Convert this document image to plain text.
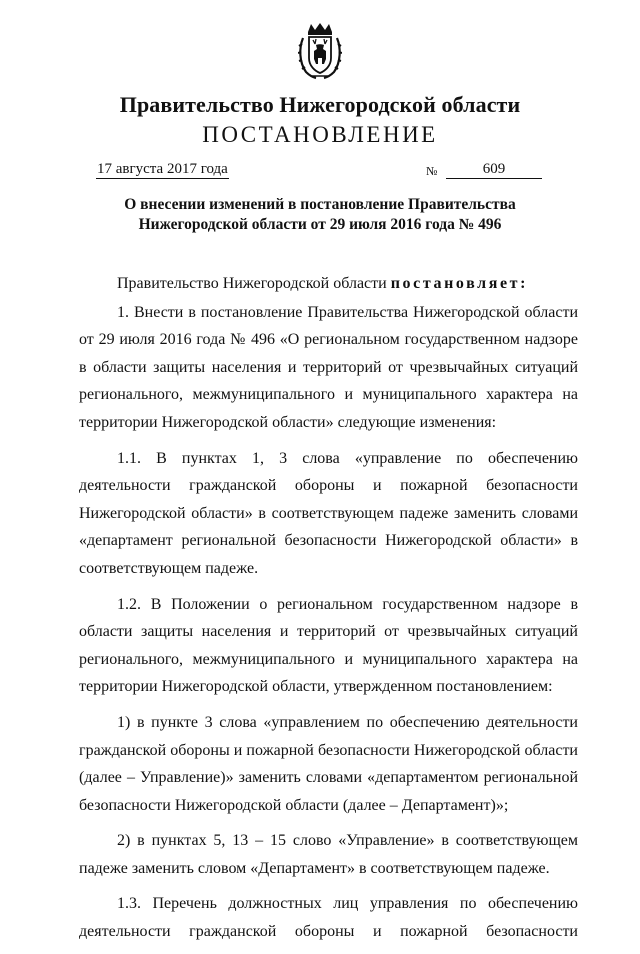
Правительство Нижегородской области
ПОСТАНОВЛЕНИЕ
17 августа 2017 года	№	609
О внесении изменений в постановление Правительства
Нижегородской области от 29 июля 2016 года № 496

Правительство Нижегородской области постановляет:

1. Внести в постановление Правительства Нижегородской области от 29 июля 2016 года № 496 «О региональном государственном надзоре в области защиты населения и территорий от чрезвычайных ситуаций регионального, межмуниципального и муниципального характера на территории Нижегородской области» следующие изменения:

1.1. В пунктах 1, 3 слова «управление по обеспечению деятельности гражданской обороны и пожарной безопасности Нижегородской области» в соответствующем падеже заменить словами «департамент региональной безопасности Нижегородской области» в соответствующем падеже.

1.2. В Положении о региональном государственном надзоре в области защиты населения и территорий от чрезвычайных ситуаций регионального, межмуниципального и муниципального характера на территории Нижегородской области, утвержденном постановлением:

1) в пункте 3 слова «управлением по обеспечению деятельности гражданской обороны и пожарной безопасности Нижегородской области (далее – Управление)» заменить словами «департаментом региональной безопасности Нижегородской области (далее – Департамент)»;

2) в пунктах 5, 13 – 15 слово «Управление» в соответствующем падеже заменить словом «Департамент» в соответствующем падеже.

1.3. Перечень должностных лиц управления по обеспечению деятельности гражданской обороны и пожарной безопасности
